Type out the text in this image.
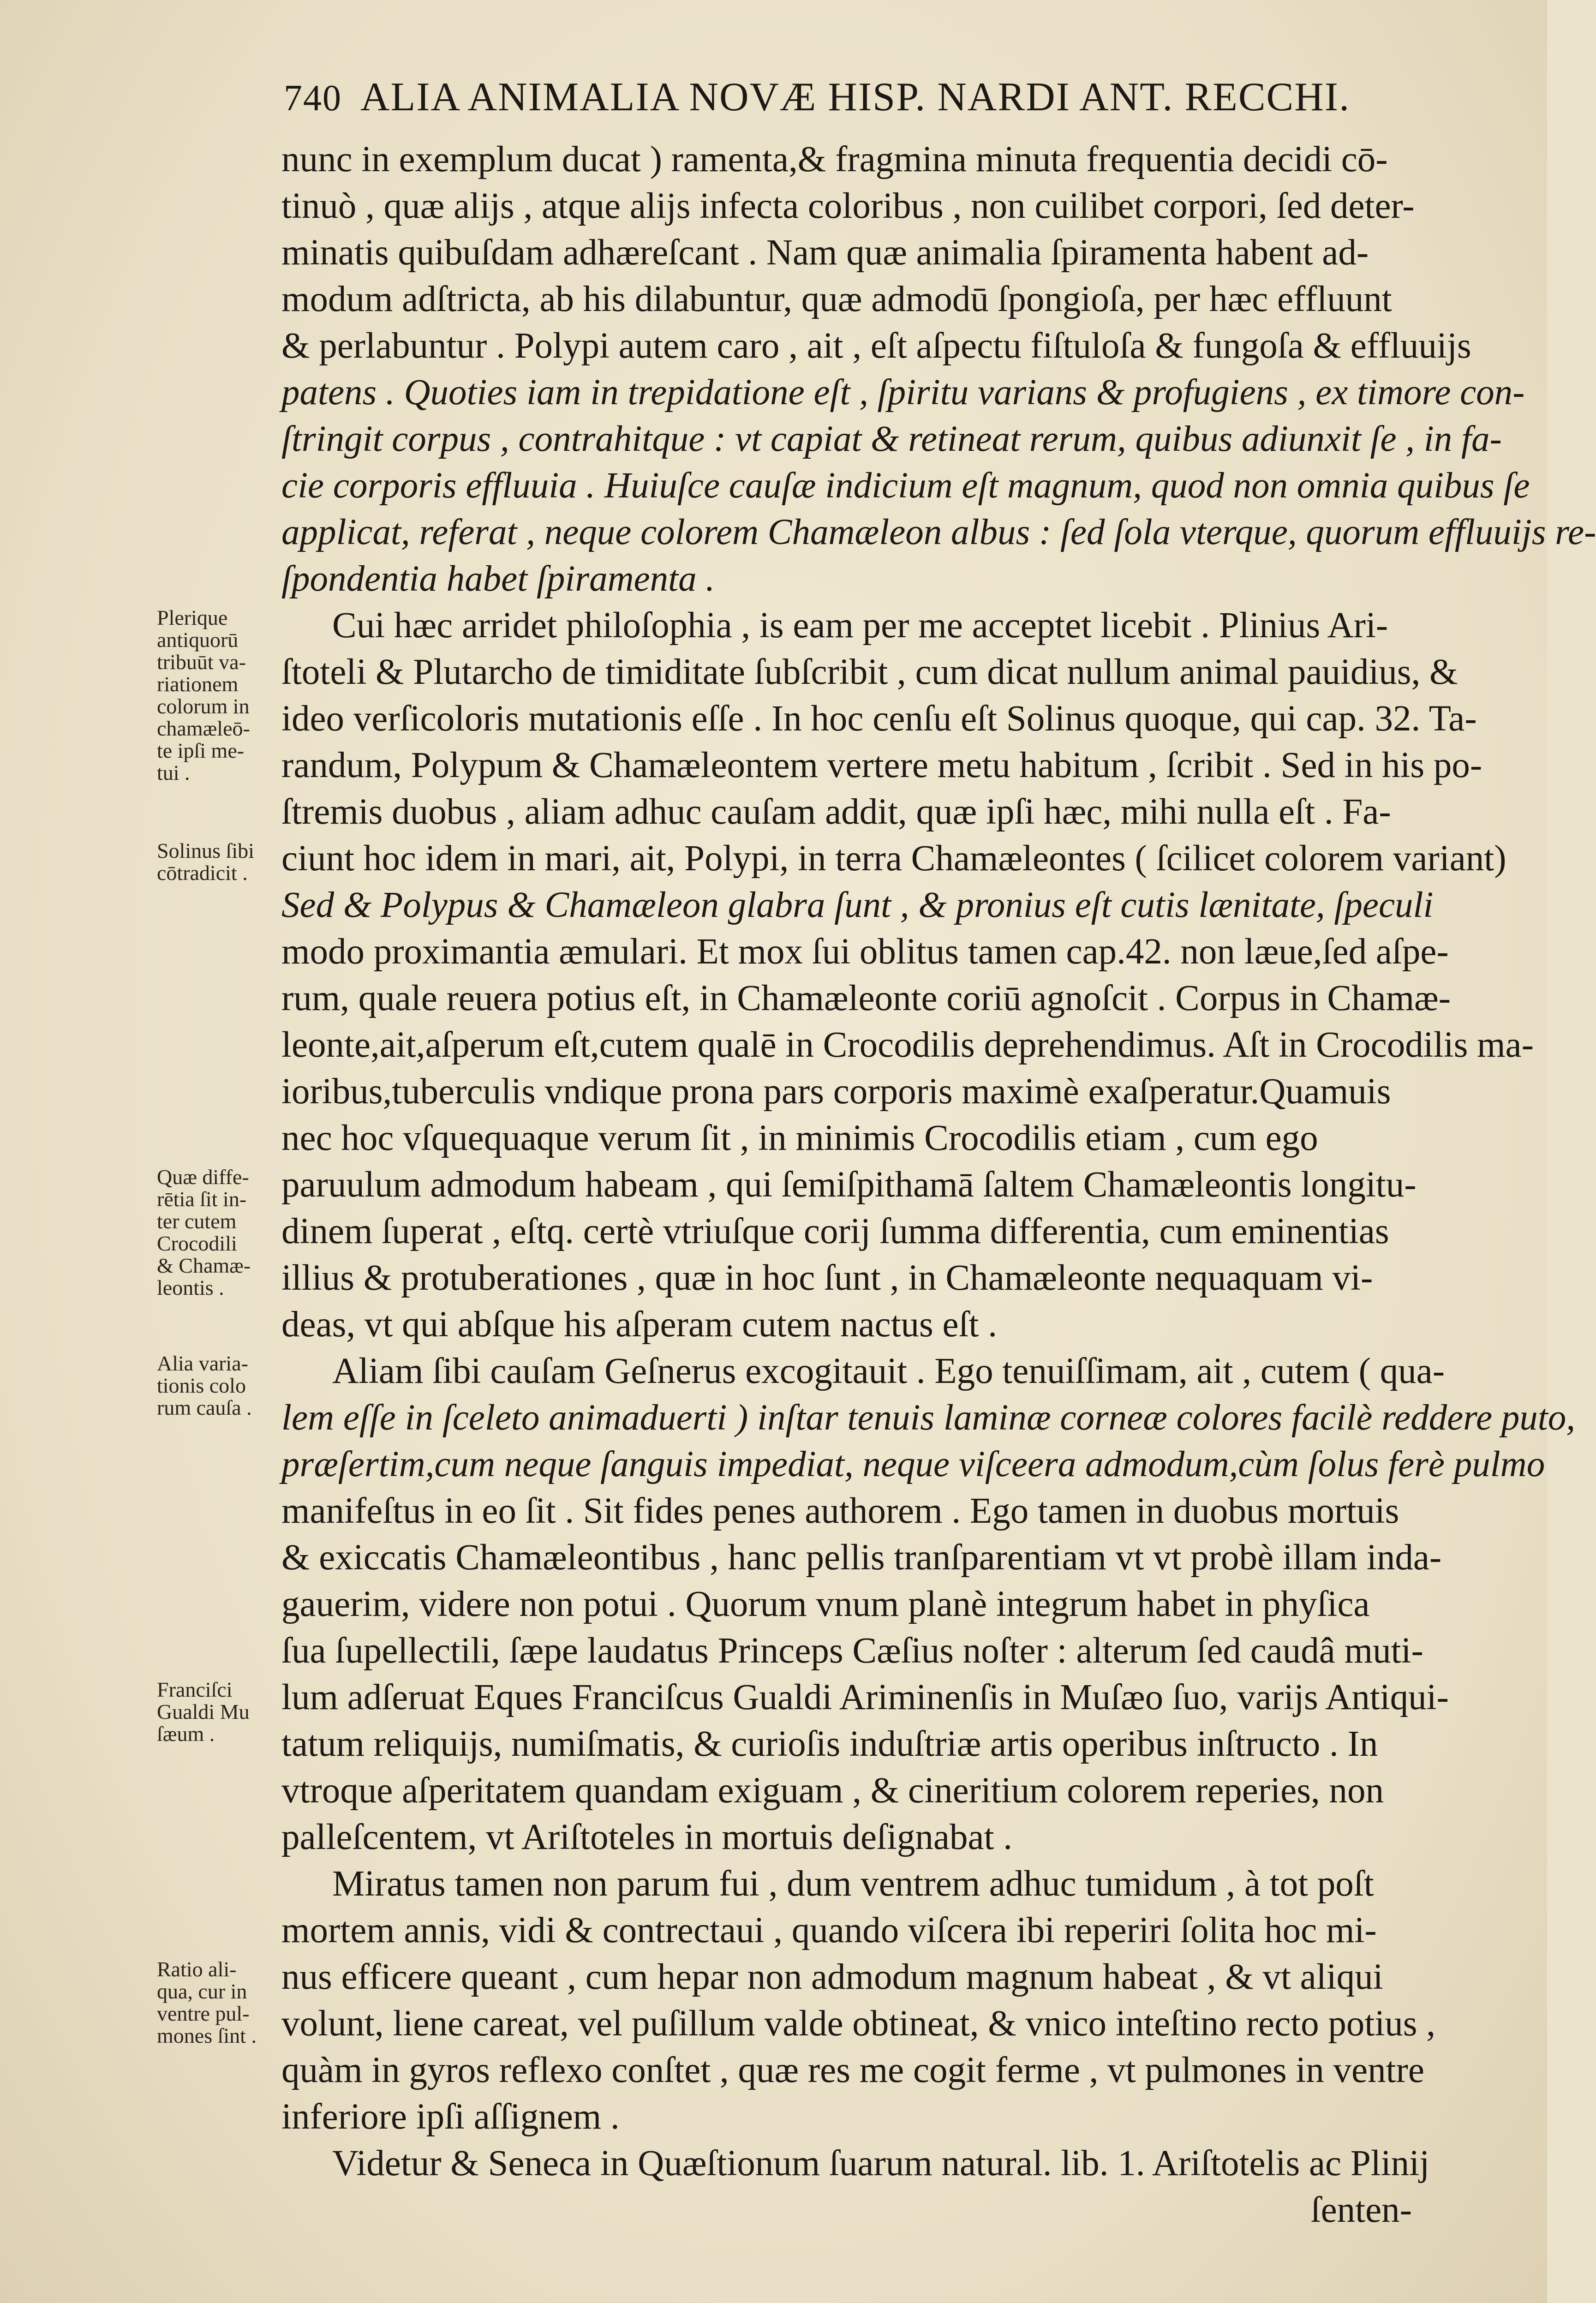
740 ALIA ANIMALIA NOVÆ HISP. NARDI ANT. RECCHI.
nunc in exemplum ducat ) ramenta,& fragmina minuta frequentia decidi cō-
tinuò , quæ alijs , atque alijs infecta coloribus , non cuilibet corpori, ſed deter-
minatis quibuſdam adhæreſcant . Nam quæ animalia ſpiramenta habent ad-
modum adſtricta, ab his dilabuntur, quæ admodū ſpongioſa, per hæc effluunt
& perlabuntur . Polypi autem caro , ait , eſt aſpectu fiſtuloſa & fungoſa & effluuijs
patens . Quoties iam in trepidatione eſt , ſpiritu varians & profugiens , ex timore con-
ſtringit corpus , contrahitque : vt capiat & retineat rerum, quibus adiunxit ſe , in fa-
cie corporis effluuia . Huiuſce cauſæ indicium eſt magnum, quod non omnia quibus ſe
applicat, referat , neque colorem Chamæleon albus : ſed ſola vterque, quorum effluuijs re-
ſpondentia habet ſpiramenta .
Cui hæc arridet philoſophia , is eam per me acceptet licebit . Plinius Ari-
ſtoteli & Plutarcho de timiditate ſubſcribit , cum dicat nullum animal pauidius, &
ideo verſicoloris mutationis eſſe . In hoc cenſu eſt Solinus quoque, qui cap. 32. Ta-
randum, Polypum & Chamæleontem vertere metu habitum , ſcribit . Sed in his po-
ſtremis duobus , aliam adhuc cauſam addit, quæ ipſi hæc, mihi nulla eſt . Fa-
ciunt hoc idem in mari, ait, Polypi, in terra Chamæleontes ( ſcilicet colorem variant)
Sed & Polypus & Chamæleon glabra ſunt , & pronius eſt cutis lænitate, ſpeculi
modo proximantia æmulari. Et mox ſui oblitus tamen cap.42. non læue,ſed aſpe-
rum, quale reuera potius eſt, in Chamæleonte coriū agnoſcit . Corpus in Chamæ-
leonte,ait,aſperum eſt,cutem qualē in Crocodilis deprehendimus. Aſt in Crocodilis ma-
ioribus,tuberculis vndique prona pars corporis maximè exaſperatur.Quamuis
nec hoc vſquequaque verum ſit , in minimis Crocodilis etiam , cum ego
paruulum admodum habeam , qui ſemiſpithamā ſaltem Chamæleontis longitu-
dinem ſuperat , eſtq. certè vtriuſque corij ſumma differentia, cum eminentias
illius & protuberationes , quæ in hoc ſunt , in Chamæleonte nequaquam vi-
deas, vt qui abſque his aſperam cutem nactus eſt .
Aliam ſibi cauſam Geſnerus excogitauit . Ego tenuiſſimam, ait , cutem ( qua-
lem eſſe in ſceleto animaduerti ) inſtar tenuis laminæ corneæ colores facilè reddere puto,
præſertim,cum neque ſanguis impediat, neque viſceera admodum,cùm ſolus ferè pulmo
manifeſtus in eo ſit . Sit fides penes authorem . Ego tamen in duobus mortuis
& exiccatis Chamæleontibus , hanc pellis tranſparentiam vt vt probè illam inda-
gauerim, videre non potui . Quorum vnum planè integrum habet in phyſica
ſua ſupellectili, ſæpe laudatus Princeps Cæſius noſter : alterum ſed caudâ muti-
lum adſeruat Eques Franciſcus Gualdi Ariminenſis in Muſæo ſuo, varijs Antiqui-
tatum reliquijs, numiſmatis, & curioſis induſtriæ artis operibus inſtructo . In
vtroque aſperitatem quandam exiguam , & cineritium colorem reperies, non
palleſcentem, vt Ariſtoteles in mortuis deſignabat .
Miratus tamen non parum fui , dum ventrem adhuc tumidum , à tot poſt
mortem annis, vidi & contrectaui , quando viſcera ibi reperiri ſolita hoc mi-
nus efficere queant , cum hepar non admodum magnum habeat , & vt aliqui
volunt, liene careat, vel puſillum valde obtineat, & vnico inteſtino recto potius ,
quàm in gyros reflexo conſtet , quæ res me cogit ferme , vt pulmones in ventre
inferiore ipſi aſſignem .
Videtur & Seneca in Quæſtionum ſuarum natural. lib. 1. Ariſtotelis ac Plinij
ſenten-
Plerique
antiquorū
tribuūt va-
riationem
colorum in
chamæleō-
te ipſi me-
tui .
Solinus ſibi
cōtradicit .
Quæ diffe-
rētia ſit in-
ter cutem
Crocodili
& Chamæ-
leontis .
Alia varia-
tionis colo
rum cauſa .
Franciſci
Gualdi Mu
ſæum .
Ratio ali-
qua, cur in
ventre pul-
mones ſint .
